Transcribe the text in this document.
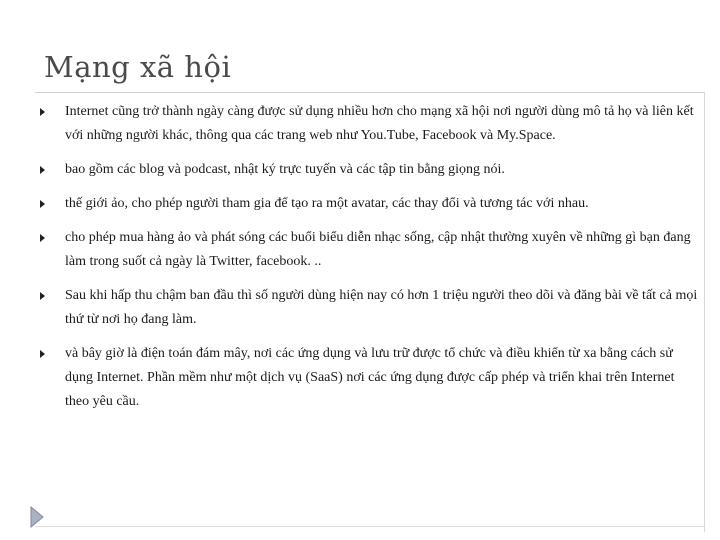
Mạng xã hội
Internet cũng trở thành ngày càng được sử dụng nhiều hơn cho mạng xã hội nơi người dùng mô tả họ và liên kết với những người khác, thông qua các trang web như You.Tube, Facebook và My.Space.
bao gồm các blog và podcast, nhật ký trực tuyến và các tập tin bằng giọng nói.
thế giới ảo, cho phép người tham gia để tạo ra một avatar, các thay đổi và tương tác với nhau.
cho phép mua hàng ảo và phát sóng các buổi biểu diễn nhạc sống, cập nhật thường xuyên về những gì bạn đang làm trong suốt cả ngày là Twitter, facebook. ..
Sau khi hấp thu chậm ban đầu thì số người dùng hiện nay có hơn 1 triệu người theo dõi và đăng bài về tất cả mọi thứ từ nơi họ đang làm.
và bây giờ là điện toán đám mây, nơi các ứng dụng và lưu trữ được tổ chức và điều khiển từ xa bằng cách sử dụng Internet. Phần mềm như một dịch vụ (SaaS) nơi các ứng dụng được cấp phép và triển khai trên Internet theo yêu cầu.
